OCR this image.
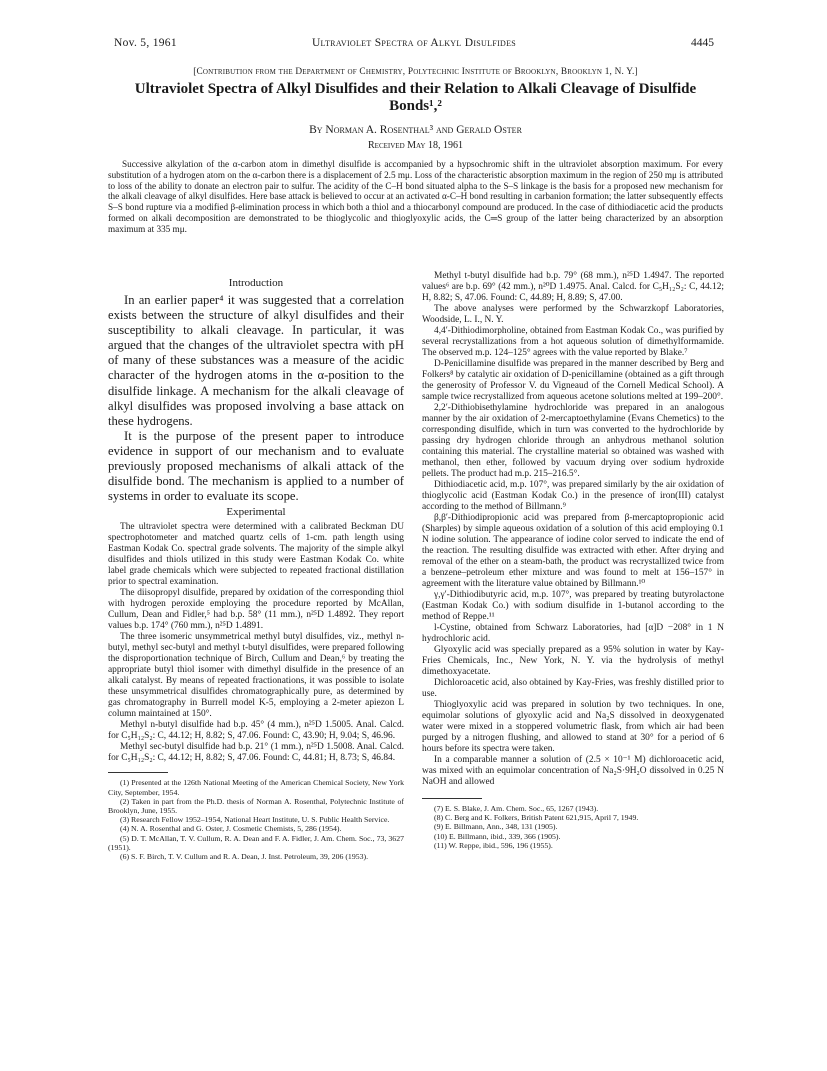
Nov. 5, 1961	Ultraviolet Spectra of Alkyl Disulfides	4445
[Contribution from the Department of Chemistry, Polytechnic Institute of Brooklyn, Brooklyn 1, N. Y.]
Ultraviolet Spectra of Alkyl Disulfides and their Relation to Alkali Cleavage of Disulfide
Bonds¹,²
By Norman A. Rosenthal³ and Gerald Oster
Received May 18, 1961
Successive alkylation of the α-carbon atom in dimethyl disulfide is accompanied by a hypsochromic shift in the ultraviolet absorption maximum. For every substitution of a hydrogen atom on the α-carbon there is a displacement of 2.5 mμ. Loss of the characteristic absorption maximum in the region of 250 mμ is attributed to loss of the ability to donate an electron pair to sulfur. The acidity of the C–H bond situated alpha to the S–S linkage is the basis for a proposed new mechanism for the alkali cleavage of alkyl disulfides. Here base attack is believed to occur at an activated α-C–H bond resulting in carbanion formation; the latter subsequently effects S–S bond rupture via a modified β-elimination process in which both a thiol and a thiocarbonyl compound are produced. In the case of dithiodiacetic acid the products formed on alkali decomposition are demonstrated to be thioglycolic and thioglyoxylic acids, the C═S group of the latter being characterized by an absorption maximum at 335 mμ.
Introduction

In an earlier paper⁴ it was suggested that a correlation exists between the structure of alkyl disulfides and their susceptibility to alkali cleavage. In particular, it was argued that the changes of the ultraviolet spectra with pH of many of these substances was a measure of the acidic character of the hydrogen atoms in the α-position to the disulfide linkage. A mechanism for the alkali cleavage of alkyl disulfides was proposed involving a base attack on these hydrogens.

It is the purpose of the present paper to introduce evidence in support of our mechanism and to evaluate previously proposed mechanisms of alkali attack of the disulfide bond. The mechanism is applied to a number of systems in order to evaluate its scope.

Experimental

The ultraviolet spectra were determined with a calibrated Beckman DU spectrophotometer and matched quartz cells of 1-cm. path length using Eastman Kodak Co. spectral grade solvents. The majority of the simple alkyl disulfides and thiols utilized in this study were Eastman Kodak Co. white label grade chemicals which were subjected to repeated fractional distillation prior to spectral examination.

The diisopropyl disulfide, prepared by oxidation of the corresponding thiol with hydrogen peroxide employing the procedure reported by McAllan, Cullum, Dean and Fidler,⁵ had b.p. 58° (11 mm.), n²⁵D 1.4892. They report values b.p. 174° (760 mm.), n²⁵D 1.4891.

The three isomeric unsymmetrical methyl butyl disulfides, viz., methyl n-butyl, methyl sec-butyl and methyl t-butyl disulfides, were prepared following the disproportionation technique of Birch, Cullum and Dean,⁶ by treating the appropriate butyl thiol isomer with dimethyl disulfide in the presence of an alkali catalyst. By means of repeated fractionations, it was possible to isolate these unsymmetrical disulfides chromatographically pure, as determined by gas chromatography in Burrell model K-5, employing a 2-meter apiezon L column maintained at 150°.

Methyl n-butyl disulfide had b.p. 45° (4 mm.), n²⁵D 1.5005. Anal. Calcd. for C₅H₁₂S₂: C, 44.12; H, 8.82; S, 47.06. Found: C, 43.90; H, 9.04; S, 46.96.

Methyl sec-butyl disulfide had b.p. 21° (1 mm.), n²⁵D 1.5008. Anal. Calcd. for C₅H₁₂S₂: C, 44.12; H, 8.82; S, 47.06. Found: C, 44.81; H, 8.73; S, 46.84.

(1) Presented at the 126th National Meeting of the American Chemical Society, New York City, September, 1954.

(2) Taken in part from the Ph.D. thesis of Norman A. Rosenthal, Polytechnic Institute of Brooklyn, June, 1955.

(3) Research Fellow 1952–1954, National Heart Institute, U. S. Public Health Service.

(4) N. A. Rosenthal and G. Oster, J. Cosmetic Chemists, 5, 286 (1954).

(5) D. T. McAllan, T. V. Cullum, R. A. Dean and F. A. Fidler, J. Am. Chem. Soc., 73, 3627 (1951).

(6) S. F. Birch, T. V. Cullum and R. A. Dean, J. Inst. Petroleum, 39, 206 (1953).

Methyl t-butyl disulfide had b.p. 79° (68 mm.), n²⁵D 1.4947. The reported values⁶ are b.p. 69° (42 mm.), n²⁰D 1.4975. Anal. Calcd. for C₅H₁₂S₂: C, 44.12; H, 8.82; S, 47.06. Found: C, 44.89; H, 8.89; S, 47.00.

The above analyses were performed by the Schwarzkopf Laboratories, Woodside, L. I., N. Y.

4,4′-Dithiodimorpholine, obtained from Eastman Kodak Co., was purified by several recrystallizations from a hot aqueous solution of dimethylformamide. The observed m.p. 124–125° agrees with the value reported by Blake.⁷

D-Penicillamine disulfide was prepared in the manner described by Berg and Folkers⁸ by catalytic air oxidation of D-penicillamine (obtained as a gift through the generosity of Professor V. du Vigneaud of the Cornell Medical School). A sample twice recrystallized from aqueous acetone solutions melted at 199–200°.

2,2′-Dithiobisethylamine hydrochloride was prepared in an analogous manner by the air oxidation of 2-mercaptoethylamine (Evans Chemetics) to the corresponding disulfide, which in turn was converted to the hydrochloride by passing dry hydrogen chloride through an anhydrous methanol solution containing this material. The crystalline material so obtained was washed with methanol, then ether, followed by vacuum drying over sodium hydroxide pellets. The product had m.p. 215–216.5°.

Dithiodiacetic acid, m.p. 107°, was prepared similarly by the air oxidation of thioglycolic acid (Eastman Kodak Co.) in the presence of iron(III) catalyst according to the method of Billmann.⁹

β,β′-Dithiodipropionic acid was prepared from β-mercaptopropionic acid (Sharples) by simple aqueous oxidation of a solution of this acid employing 0.1 N iodine solution. The appearance of iodine color served to indicate the end of the reaction. The resulting disulfide was extracted with ether. After drying and removal of the ether on a steam-bath, the product was recrystallized twice from a benzene–petroleum ether mixture and was found to melt at 156–157° in agreement with the literature value obtained by Billmann.¹⁰

γ,γ′-Dithiodibutyric acid, m.p. 107°, was prepared by treating butyrolactone (Eastman Kodak Co.) with sodium disulfide in 1-butanol according to the method of Reppe.¹¹

l-Cystine, obtained from Schwarz Laboratories, had [α]D −208° in 1 N hydrochloric acid.

Glyoxylic acid was specially prepared as a 95% solution in water by Kay-Fries Chemicals, Inc., New York, N. Y. via the hydrolysis of methyl dimethoxyacetate.

Dichloroacetic acid, also obtained by Kay-Fries, was freshly distilled prior to use.

Thioglyoxylic acid was prepared in solution by two techniques. In one, equimolar solutions of glyoxylic acid and Na₂S dissolved in deoxygenated water were mixed in a stoppered volumetric flask, from which air had been purged by a nitrogen flushing, and allowed to stand at 30° for a period of 6 hours before its spectra were taken.

In a comparable manner a solution of (2.5 × 10⁻¹ M) dichloroacetic acid, was mixed with an equimolar concentration of Na₂S·9H₂O dissolved in 0.25 N NaOH and allowed

(7) E. S. Blake, J. Am. Chem. Soc., 65, 1267 (1943).

(8) C. Berg and K. Folkers, British Patent 621,915, April 7, 1949.

(9) E. Billmann, Ann., 348, 131 (1905).

(10) E. Billmann, ibid., 339, 366 (1905).

(11) W. Reppe, ibid., 596, 196 (1955).
